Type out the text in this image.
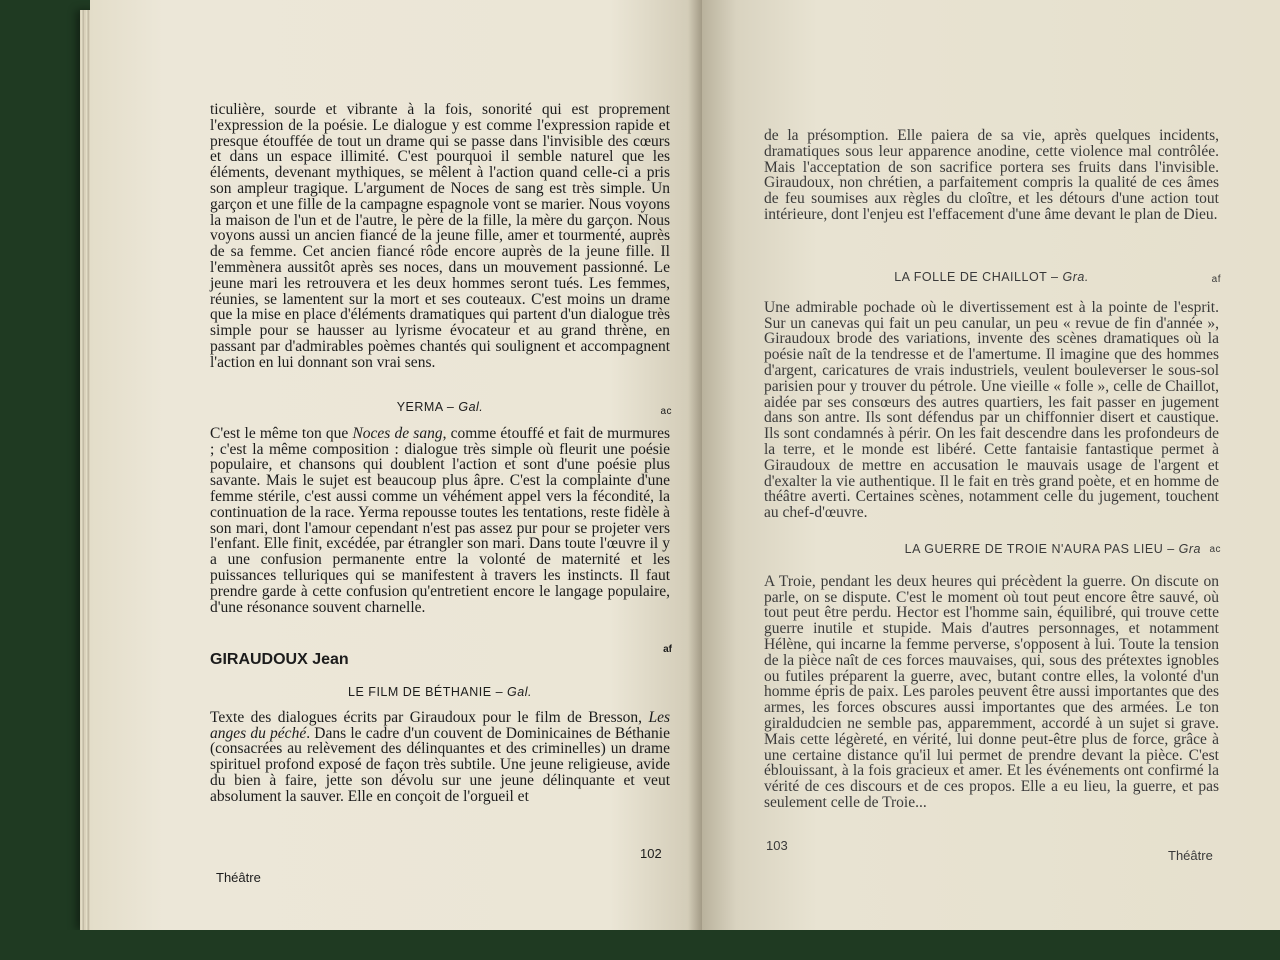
ticulière, sourde et vibrante à la fois, sonorité qui est proprement l'expression de la poésie. Le dialogue y est comme l'expression rapide et presque étouffée de tout un drame qui se passe dans l'invisible des cœurs et dans un espace illimité. C'est pourquoi il semble naturel que les éléments, devenant mythiques, se mêlent à l'action quand celle-ci a pris son ampleur tragique. L'argument de Noces de sang est très simple. Un garçon et une fille de la campagne espagnole vont se marier. Nous voyons la maison de l'un et de l'autre, le père de la fille, la mère du garçon. Nous voyons aussi un ancien fiancé de la jeune fille, amer et tourmenté, auprès de sa femme. Cet ancien fiancé rôde encore auprès de la jeune fille. Il l'emmènera aussitôt après ses noces, dans un mouvement passionné. Le jeune mari les retrouvera et les deux hommes seront tués. Les femmes, réunies, se lamentent sur la mort et ses couteaux. C'est moins un drame que la mise en place d'éléments dramatiques qui partent d'un dialogue très simple pour se hausser au lyrisme évocateur et au grand thrène, en passant par d'admirables poèmes chantés qui soulignent et accompagnent l'action en lui donnant son vrai sens.

YERMA – Gal.	ac

C'est le même ton que Noces de sang, comme étouffé et fait de murmures ; c'est la même composition : dialogue très simple où fleurit une poésie populaire, et chansons qui doublent l'action et sont d'une poésie plus savante. Mais le sujet est beaucoup plus âpre. C'est la complainte d'une femme stérile, c'est aussi comme un véhément appel vers la fécondité, la continuation de la race. Yerma repousse toutes les tentations, reste fidèle à son mari, dont l'amour cependant n'est pas assez pur pour se projeter vers l'enfant. Elle finit, excédée, par étrangler son mari. Dans toute l'œuvre il y a une confusion permanente entre la volonté de maternité et les puissances telluriques qui se manifestent à travers les instincts. Il faut prendre garde à cette confusion qu'entretient encore le langage populaire, d'une résonance souvent charnelle.

GIRAUDOUX Jean
af

LE FILM DE BÉTHANIE – Gal.

Texte des dialogues écrits par Giraudoux pour le film de Bresson, Les anges du péché. Dans le cadre d'un couvent de Dominicaines de Béthanie (consacrées au relèvement des délinquantes et des criminelles) un drame spirituel profond exposé de façon très subtile. Une jeune religieuse, avide du bien à faire, jette son dévolu sur une jeune délinquante et veut absolument la sauver. Elle en conçoit de l'orgueil et

102
Théâtre

de la présomption. Elle paiera de sa vie, après quelques incidents, dramatiques sous leur apparence anodine, cette violence mal contrôlée. Mais l'acceptation de son sacrifice portera ses fruits dans l'invisible. Giraudoux, non chrétien, a parfaitement compris la qualité de ces âmes de feu soumises aux règles du cloître, et les détours d'une action tout intérieure, dont l'enjeu est l'effacement d'une âme devant le plan de Dieu.

LA FOLLE DE CHAILLOT – Gra.	af

Une admirable pochade où le divertissement est à la pointe de l'esprit. Sur un canevas qui fait un peu canular, un peu « revue de fin d'année », Giraudoux brode des variations, invente des scènes dramatiques où la poésie naît de la tendresse et de l'amertume. Il imagine que des hommes d'argent, caricatures de vrais industriels, veulent bouleverser le sous-sol parisien pour y trouver du pétrole. Une vieille « folle », celle de Chaillot, aidée par ses consœurs des autres quartiers, les fait passer en jugement dans son antre. Ils sont défendus par un chiffonnier disert et caustique. Ils sont condamnés à périr. On les fait descendre dans les profondeurs de la terre, et le monde est libéré. Cette fantaisie fantastique permet à Giraudoux de mettre en accusation le mauvais usage de l'argent et d'exalter la vie authentique. Il le fait en très grand poète, et en homme de théâtre averti. Certaines scènes, notamment celle du jugement, touchent au chef-d'œuvre.

LA GUERRE DE TROIE N'AURA PAS LIEU – Gra ac

A Troie, pendant les deux heures qui précèdent la guerre. On discute on parle, on se dispute. C'est le moment où tout peut encore être sauvé, où tout peut être perdu. Hector est l'homme sain, équilibré, qui trouve cette guerre inutile et stupide. Mais d'autres personnages, et notamment Hélène, qui incarne la femme perverse, s'opposent à lui. Toute la tension de la pièce naît de ces forces mauvaises, qui, sous des prétextes ignobles ou futiles préparent la guerre, avec, butant contre elles, la volonté d'un homme épris de paix. Les paroles peuvent être aussi importantes que des armes, les forces obscures aussi importantes que des armées. Le ton giraldudcien ne semble pas, apparemment, accordé à un sujet si grave. Mais cette légèreté, en vérité, lui donne peut-être plus de force, grâce à une certaine distance qu'il lui permet de prendre devant la pièce. C'est éblouissant, à la fois gracieux et amer. Et les événements ont confirmé la vérité de ces discours et de ces propos. Elle a eu lieu, la guerre, et pas seulement celle de Troie...

103
Théâtre
